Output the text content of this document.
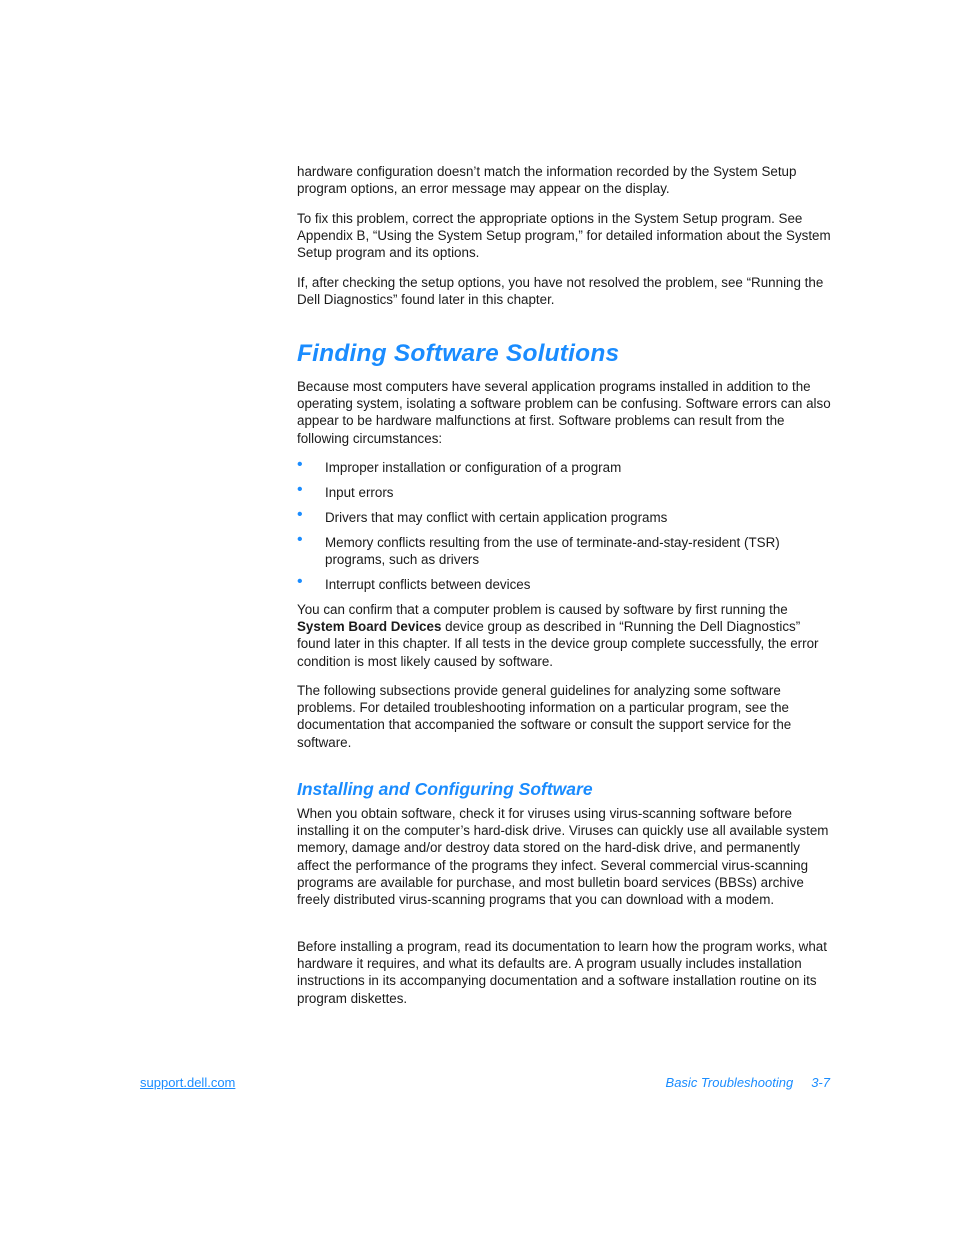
hardware configuration doesn’t match the information recorded by the System Setup program options, an error message may appear on the display.

To fix this problem, correct the appropriate options in the System Setup program. See Appendix B, “Using the System Setup program,” for detailed information about the System Setup program and its options.

If, after checking the setup options, you have not resolved the problem, see “Running the Dell Diagnostics” found later in this chapter.

Finding Software Solutions

Because most computers have several application programs installed in addition to the operating system, isolating a software problem can be confusing. Software errors can also appear to be hardware malfunctions at first. Software problems can result from the following circumstances:

• Improper installation or configuration of a program
• Input errors
• Drivers that may conflict with certain application programs
• Memory conflicts resulting from the use of terminate-and-stay-resident (TSR) programs, such as drivers
• Interrupt conflicts between devices

You can confirm that a computer problem is caused by software by first running the System Board Devices device group as described in “Running the Dell Diagnostics” found later in this chapter. If all tests in the device group complete successfully, the error condition is most likely caused by software.

The following subsections provide general guidelines for analyzing some software problems. For detailed troubleshooting information on a particular program, see the documentation that accompanied the software or consult the support service for the software.

Installing and Configuring Software

When you obtain software, check it for viruses using virus-scanning software before installing it on the computer’s hard-disk drive. Viruses can quickly use all available system memory, damage and/or destroy data stored on the hard-disk drive, and permanently affect the performance of the programs they infect. Several commercial virus-scanning programs are available for purchase, and most bulletin board services (BBSs) archive freely distributed virus-scanning programs that you can download with a modem.

Before installing a program, read its documentation to learn how the program works, what hardware it requires, and what its defaults are. A program usually includes installation instructions in its accompanying documentation and a software installation routine on its program diskettes.

support.dell.com	Basic Troubleshooting 3-7
